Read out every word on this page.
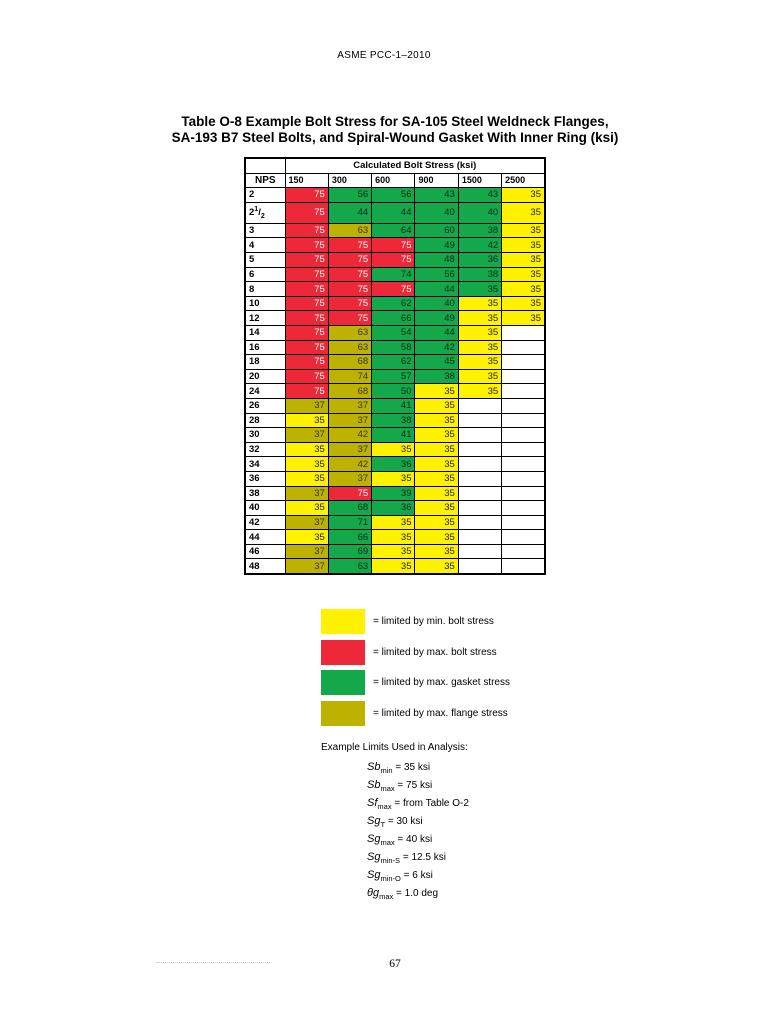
ASME PCC-1–2010
Table O-8 Example Bolt Stress for SA-105 Steel Weldneck Flanges,
SA-193 B7 Steel Bolts, and Spiral-Wound Gasket With Inner Ring (ksi)
	Calculated Bolt Stress (ksi)					
NPS	150	300	600	900	1500	2500
2	75	56	56	43	43	35
$2^1/_2$	75	44	44	40	40	35
3	75	63	64	60	38	35
4	75	75	75	49	42	35
5	75	75	75	48	36	35
6	75	75	74	56	38	35
8	75	75	75	44	35	35
10	75	75	62	40	35	35
12	75	75	66	49	35	35
14	75	63	54	44	35	
16	75	63	58	42	35	
18	75	68	62	45	35	
20	75	74	57	38	35	
24	75	68	50	35	35	
26	37	37	41	35		
28	35	37	38	35		
30	37	42	41	35		
32	35	37	35	35		
34	35	42	36	35		
36	35	37	35	35		
38	37	75	39	35		
40	35	68	36	35		
42	37	71	35	35		
44	35	66	35	35		
46	37	69	35	35		
48	37	63	35	35		
= limited by min. bolt stress
= limited by max. bolt stress
= limited by max. gasket stress
= limited by max. flange stress
Example Limits Used in Analysis:
$Sb_{min} = 35$ ksi
$Sb_{max} = 75$ ksi
$Sf_{max}$ = from Table O-2
$Sg_T = 30$ ksi
$Sg_{max} = 40$ ksi
$Sg_{min-S} = 12.5$ ksi
$Sg_{min-O} = 6$ ksi
$\theta g_{max} = 1.0$ deg
67
